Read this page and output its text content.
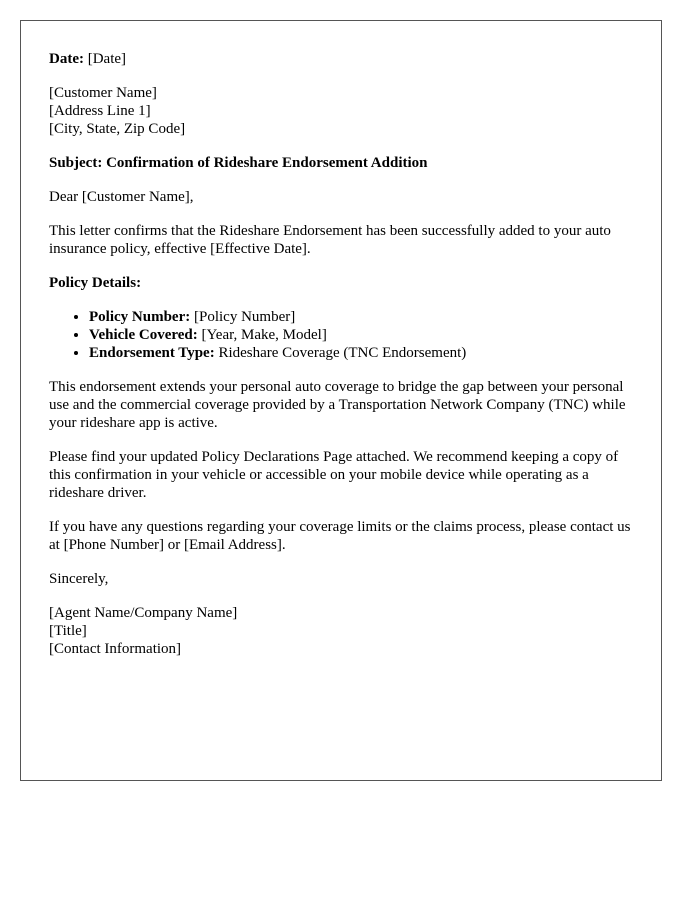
Date: [Date]

[Customer Name]

[Address Line 1]

[City, State, Zip Code]

Subject: Confirmation of Rideshare Endorsement Addition

Dear [Customer Name],

This letter confirms that the Rideshare Endorsement has been successfully added to your auto insurance policy, effective [Effective Date].

Policy Details:

• Policy Number: [Policy Number]
• Vehicle Covered: [Year, Make, Model]
• Endorsement Type: Rideshare Coverage (TNC Endorsement)

This endorsement extends your personal auto coverage to bridge the gap between your personal use and the commercial coverage provided by a Transportation Network Company (TNC) while your rideshare app is active.

Please find your updated Policy Declarations Page attached. We recommend keeping a copy of this confirmation in your vehicle or accessible on your mobile device while operating as a rideshare driver.

If you have any questions regarding your coverage limits or the claims process, please contact us at [Phone Number] or [Email Address].

Sincerely,

[Agent Name/Company Name]

[Title]

[Contact Information]
